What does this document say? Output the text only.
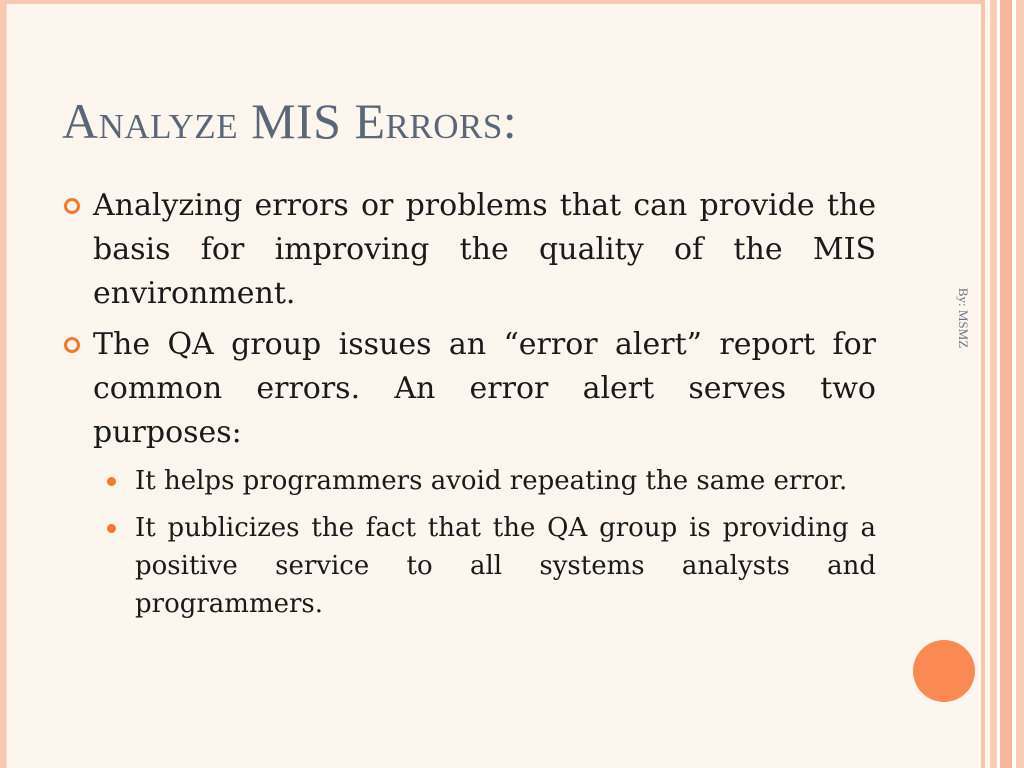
Analyze MIS Errors:
By: MSMZ
Analyzing errors or problems that can provide the basis for improving the quality of the MIS environment.
The QA group issues an “error alert” report for common errors. An error alert serves two purposes:
It helps programmers avoid repeating the same error.
It publicizes the fact that the QA group is providing a positive service to all systems analysts and programmers.
